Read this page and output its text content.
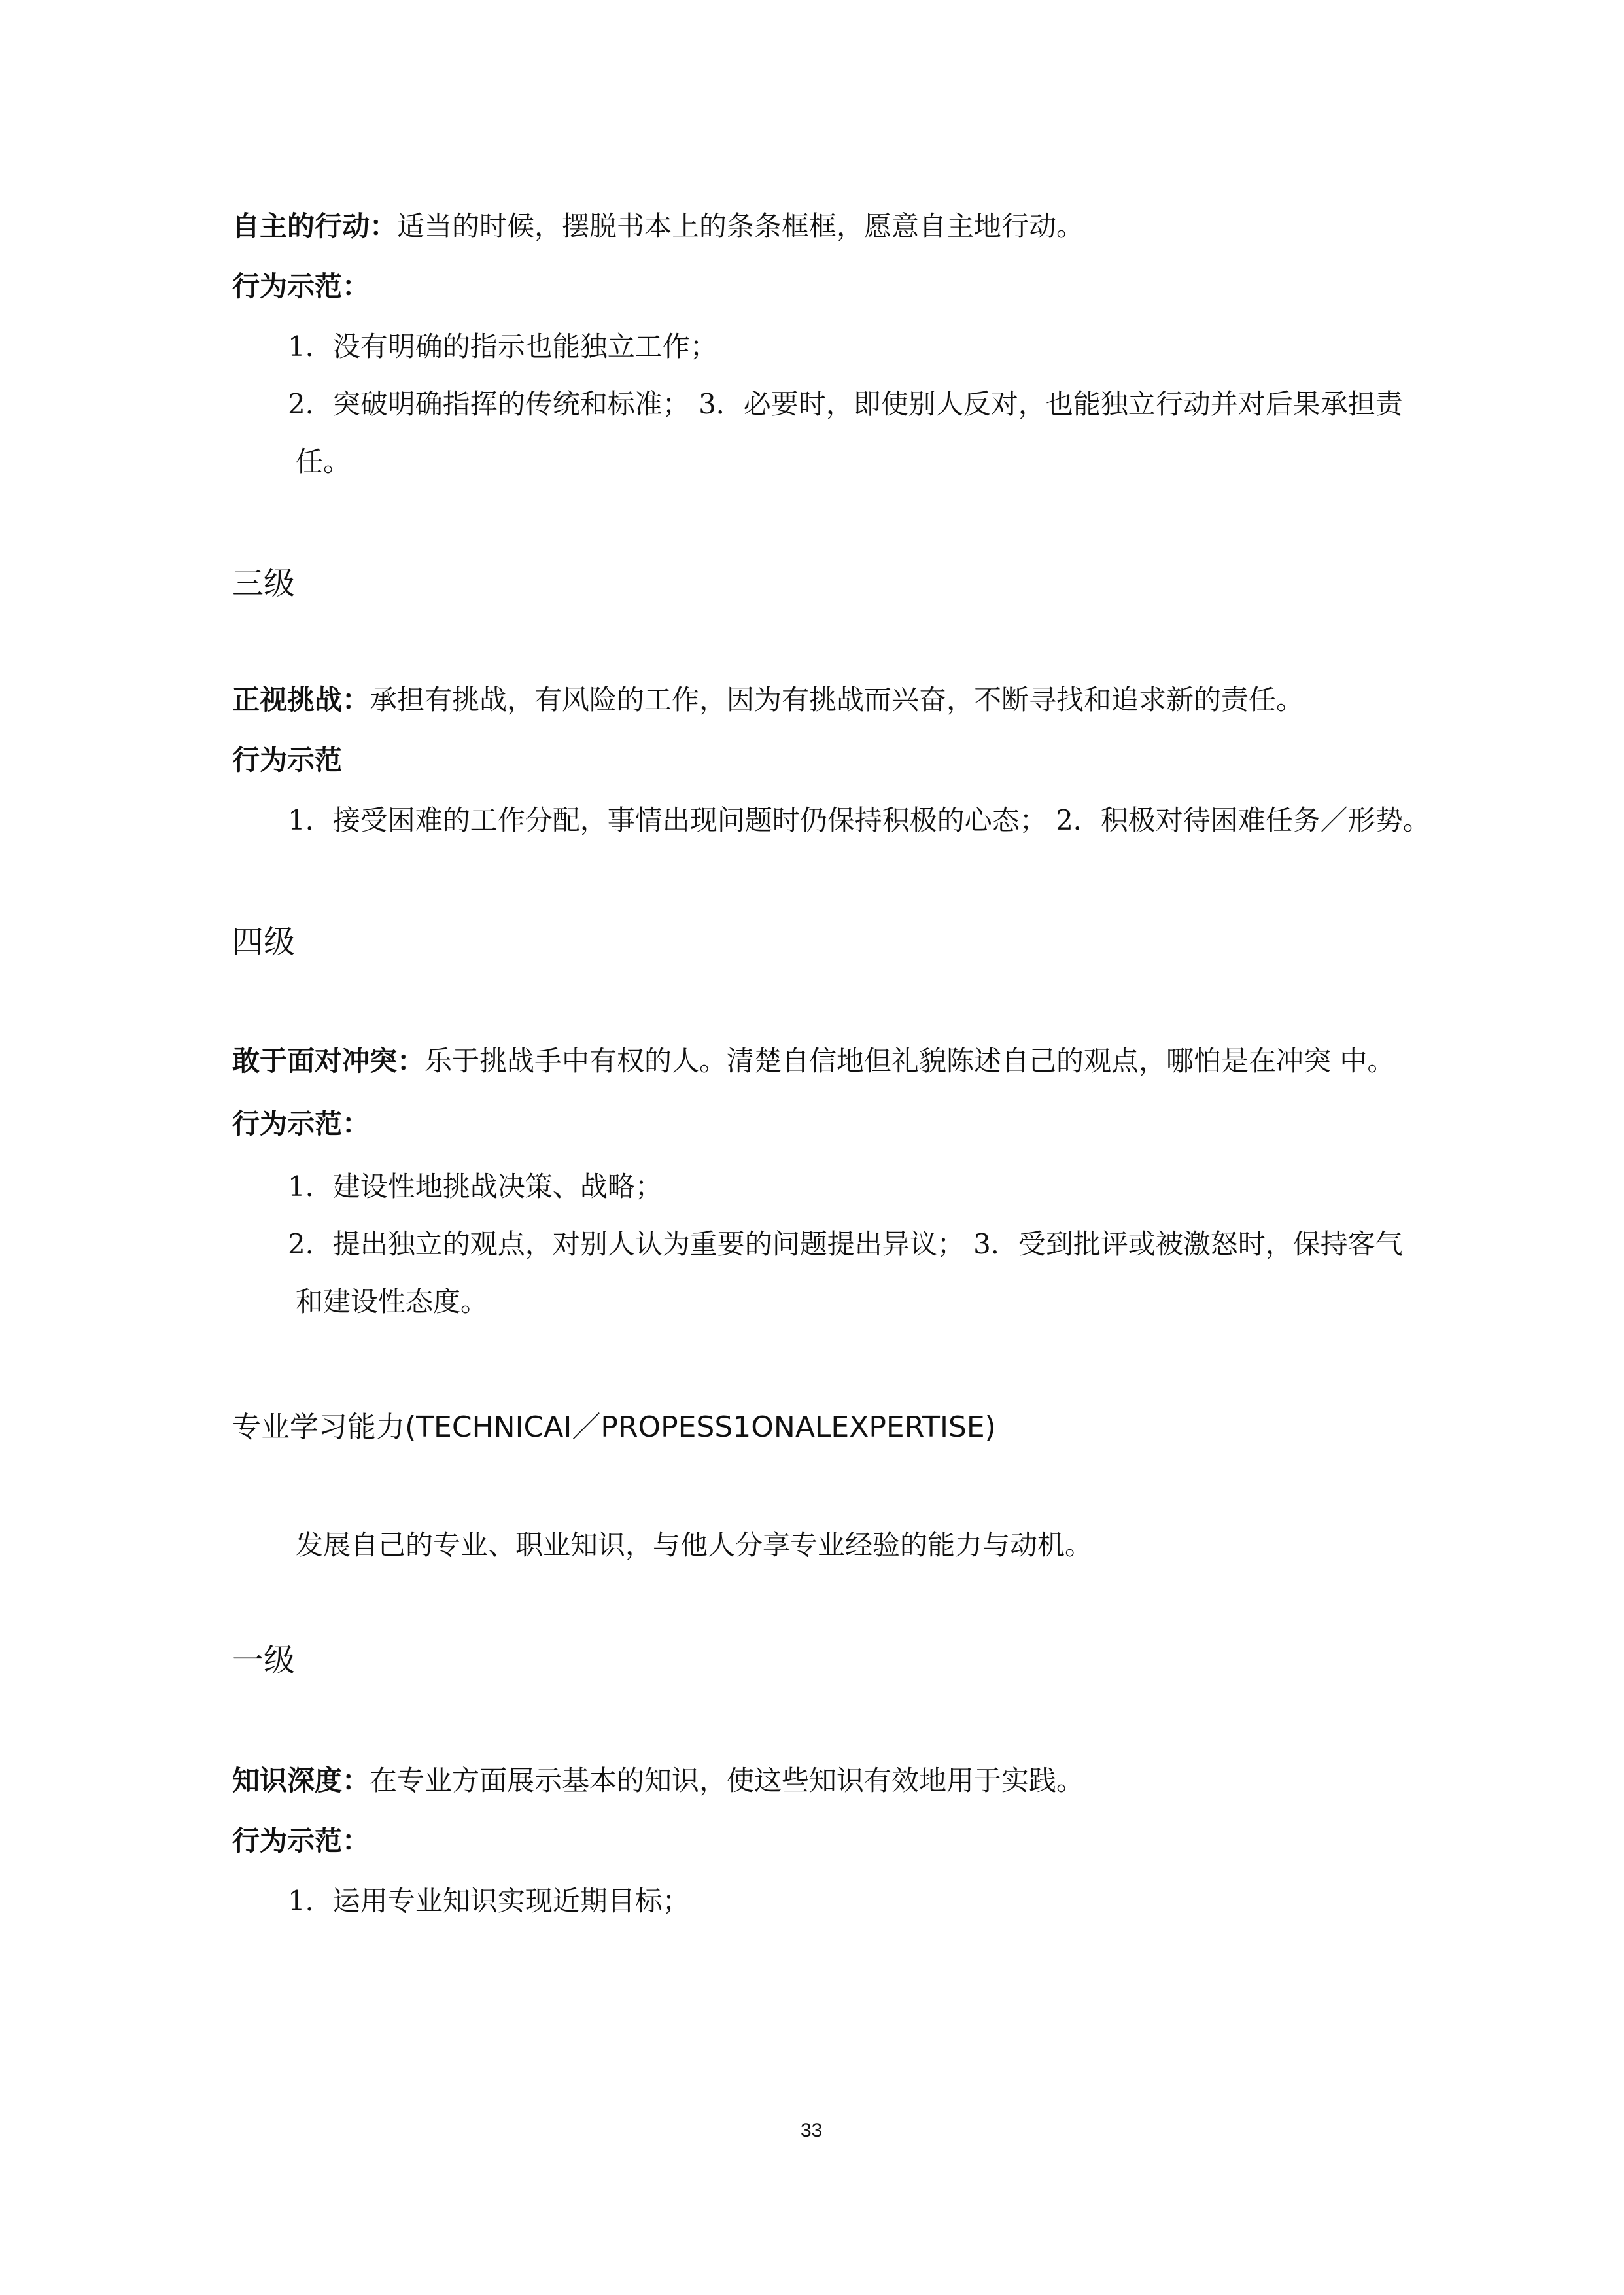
自主的行动：适当的时候，摆脱书本上的条条框框，愿意自主地行动。
行为示范：
1．没有明确的指示也能独立工作；
2．突破明确指挥的传统和标准； 3．必要时，即使别人反对，也能独立行动并对后果承担责
任。
三级
正视挑战：承担有挑战，有风险的工作，因为有挑战而兴奋，不断寻找和追求新的责任。
行为示范
1．接受困难的工作分配，事情出现问题时仍保持积极的心态； 2．积极对待困难任务／形势。
四级
敢于面对冲突：乐于挑战手中有权的人。清楚自信地但礼貌陈述自己的观点，哪怕是在冲突 中。
行为示范：
1．建设性地挑战决策、战略；
2．提出独立的观点，对别人认为重要的问题提出异议； 3．受到批评或被激怒时，保持客气
和建设性态度。
专业学习能力(TECHNICAI／PROPESS1ONALEXPERTISE)
发展自己的专业、职业知识，与他人分享专业经验的能力与动机。
一级
知识深度：在专业方面展示基本的知识，使这些知识有效地用于实践。
行为示范：
1．运用专业知识实现近期目标；
33
